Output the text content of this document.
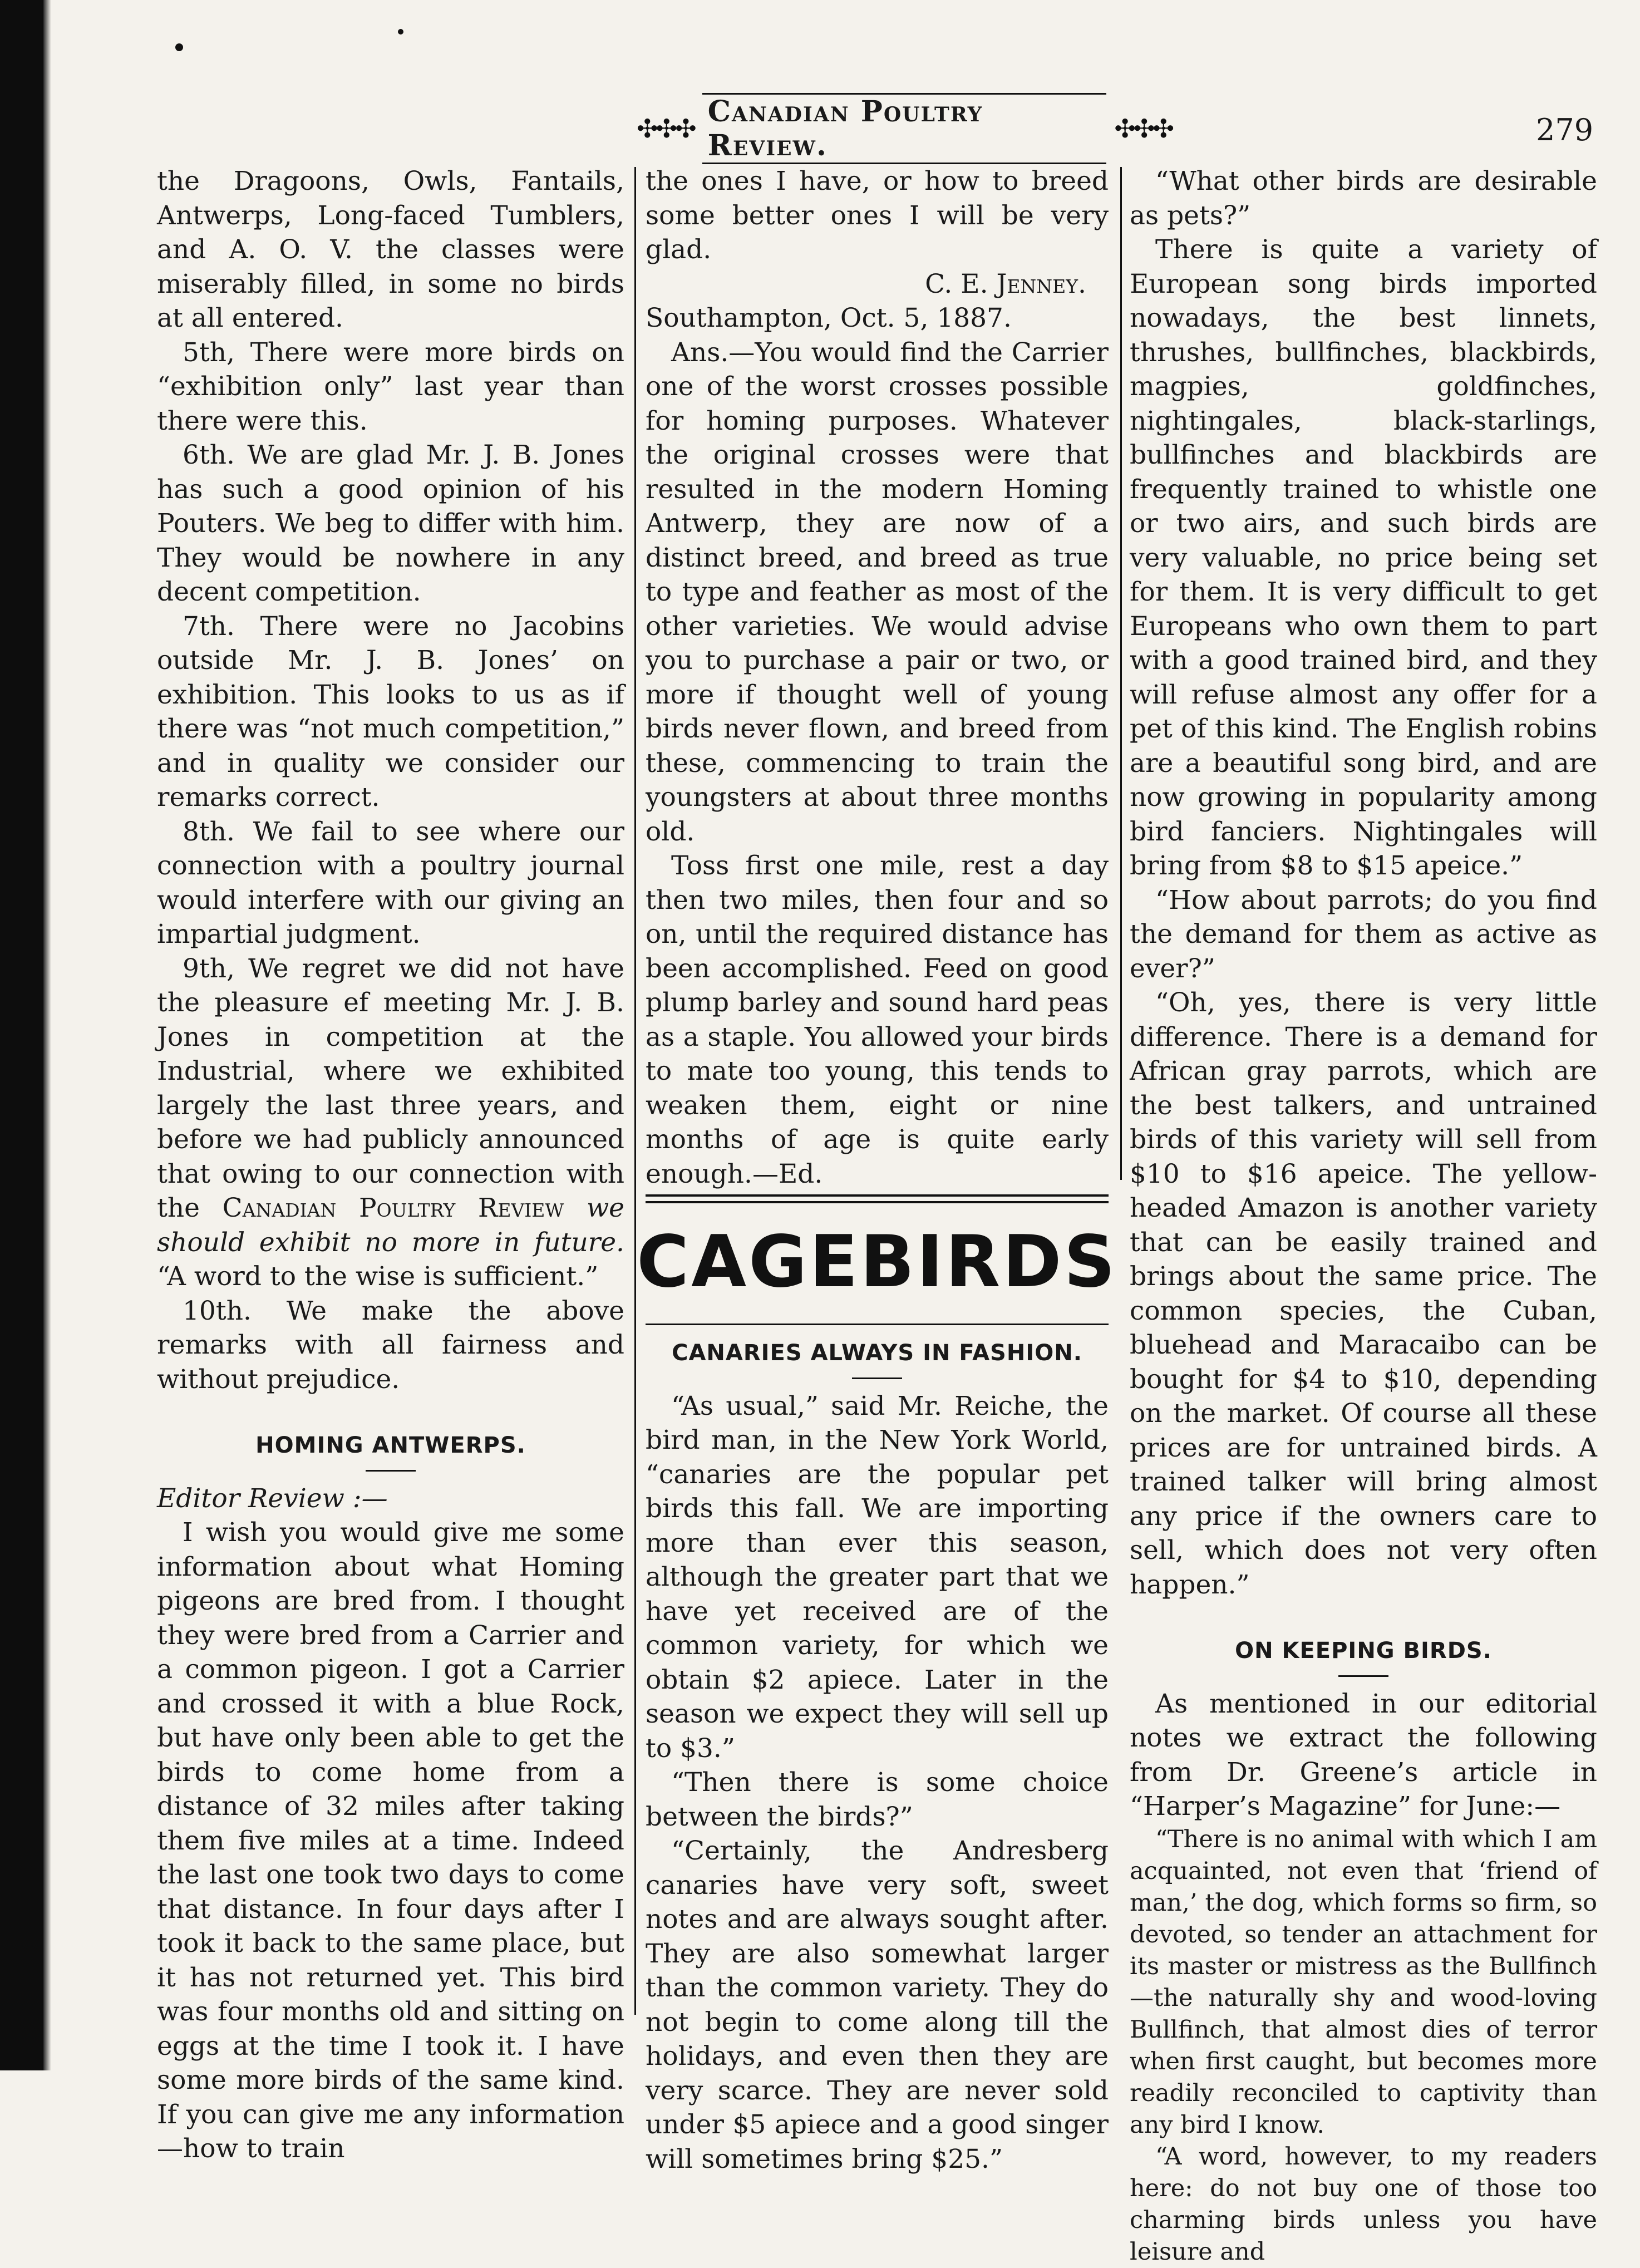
✣✣✣ Canadian Poultry Review.	✣✣✣	279

the Dragoons, Owls, Fantails, Antwerps, Long-faced Tumblers, and A. O. V. the classes were miserably filled, in some no birds at all entered.

5th, There were more birds on “exhibition only” last year than there were this.

6th. We are glad Mr. J. B. Jones has such a good opinion of his Pouters. We beg to differ with him. They would be nowhere in any decent competition.

7th. There were no Jacobins outside Mr. J. B. Jones’ on exhibition. This looks to us as if there was “not much competition,” and in quality we consider our remarks correct.

8th. We fail to see where our connection with a poultry journal would interfere with our giving an impartial judgment.

9th, We regret we did not have the pleasure ef meeting Mr. J. B. Jones in competition at the Industrial, where we exhibited largely the last three years, and before we had publicly announced that owing to our connection with the Canadian Poultry Review we should exhibit no more in future. “A word to the wise is sufficient.”

10th. We make the above remarks with all fairness and without prejudice.

HOMING ANTWERPS.

Editor Review :—

I wish you would give me some information about what Homing pigeons are bred from. I thought they were bred from a Carrier and a common pigeon. I got a Carrier and crossed it with a blue Rock, but have only been able to get the birds to come home from a distance of 32 miles after taking them five miles at a time. Indeed the last one took two days to come that distance. In four days after I took it back to the same place, but it has not returned yet. This bird was four months old and sitting on eggs at the time I took it. I have some more birds of the same kind. If you can give me any information—how to train

the ones I have, or how to breed some better ones I will be very glad.

C. E. Jenney.

Southampton, Oct. 5, 1887.

Ans.—You would find the Carrier one of the worst crosses possible for homing purposes. Whatever the original crosses were that resulted in the modern Homing Antwerp, they are now of a distinct breed, and breed as true to type and feather as most of the other varieties. We would advise you to purchase a pair or two, or more if thought well of young birds never flown, and breed from these, commencing to train the youngsters at about three months old.

Toss first one mile, rest a day then two miles, then four and so on, until the required distance has been accomplished. Feed on good plump barley and sound hard peas as a staple. You allowed your birds to mate too young, this tends to weaken them, eight or nine months of age is quite early enough.—Ed.

CAGE BIRDS

CANARIES ALWAYS IN FASHION.

“As usual,” said Mr. Reiche, the bird man, in the New York World, “canaries are the popular pet birds this fall. We are importing more than ever this season, although the greater part that we have yet received are of the common variety, for which we obtain $2 apiece. Later in the season we expect they will sell up to $3.”

“Then there is some choice between the birds?”

“Certainly, the Andresberg canaries have very soft, sweet notes and are always sought after. They are also somewhat larger than the common variety. They do not begin to come along till the holidays, and even then they are very scarce. They are never sold under $5 apiece and a good singer will sometimes bring $25.”

“What other birds are desirable as pets?”

There is quite a variety of European song birds imported nowadays, the best linnets, thrushes, bullfinches, blackbirds, magpies, goldfinches, nightingales, black-starlings, bullfinches and blackbirds are frequently trained to whistle one or two airs, and such birds are very valuable, no price being set for them. It is very difficult to get Europeans who own them to part with a good trained bird, and they will refuse almost any offer for a pet of this kind. The English robins are a beautiful song bird, and are now growing in popularity among bird fanciers. Nightingales will bring from $8 to $15 apeice.”

“How about parrots; do you find the demand for them as active as ever?”

“Oh, yes, there is very little difference. There is a demand for African gray parrots, which are the best talkers, and untrained birds of this variety will sell from $10 to $16 apeice. The yellow-headed Amazon is another variety that can be easily trained and brings about the same price. The common species, the Cuban, bluehead and Maracaibo can be bought for $4 to $10, depending on the market. Of course all these prices are for untrained birds. A trained talker will bring almost any price if the owners care to sell, which does not very often happen.”

ON KEEPING BIRDS.

As mentioned in our editorial notes we extract the following from Dr. Greene’s article in “Harper’s Magazine” for June:—

“There is no animal with which I am acquainted, not even that ‘friend of man,’ the dog, which forms so firm, so devoted, so tender an attachment for its master or mistress as the Bullfinch—the naturally shy and wood-loving Bullfinch, that almost dies of terror when first caught, but becomes more readily reconciled to captivity than any bird I know.

“A word, however, to my readers here: do not buy one of those too charming birds unless you have leisure and
